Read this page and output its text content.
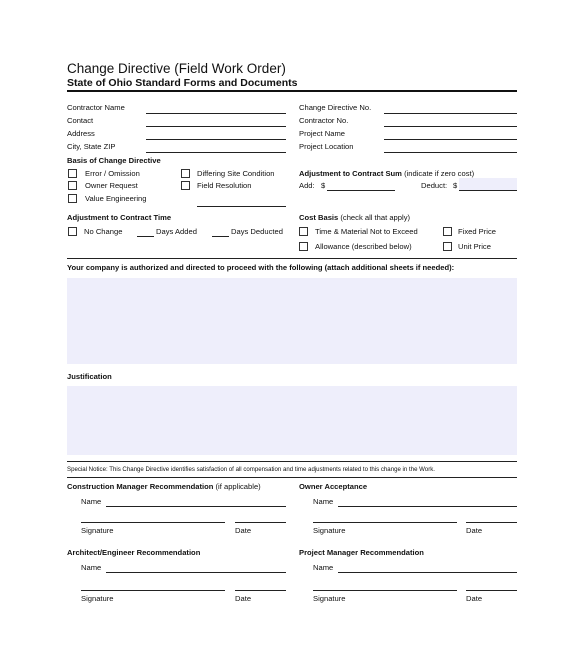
Change Directive (Field Work Order)
State of Ohio Standard Forms and Documents
Contractor Name
Contact
Address
City, State ZIP
Change Directive No.
Contractor No.
Project Name
Project Location
Basis of Change Directive
Error / Omission
Owner Request
Value Engineering
Differing Site Condition
Field Resolution
Adjustment to Contract Sum (indicate if zero cost)
Add: $	Deduct: $
Adjustment to Contract Time
No Change	Days Added	Days Deducted
Cost Basis (check all that apply)
Time & Material Not to Exceed
Allowance (described below)
Fixed Price
Unit Price
Your company is authorized and directed to proceed with the following (attach additional sheets if needed):
Justification
Special Notice: This Change Directive identifies satisfaction of all compensation and time adjustments related to this change in the Work.
Construction Manager Recommendation (if applicable)
Name
Signature	Date
Owner Acceptance
Name
Signature	Date
Architect/Engineer Recommendation
Name
Signature	Date
Project Manager Recommendation
Name
Signature	Date
